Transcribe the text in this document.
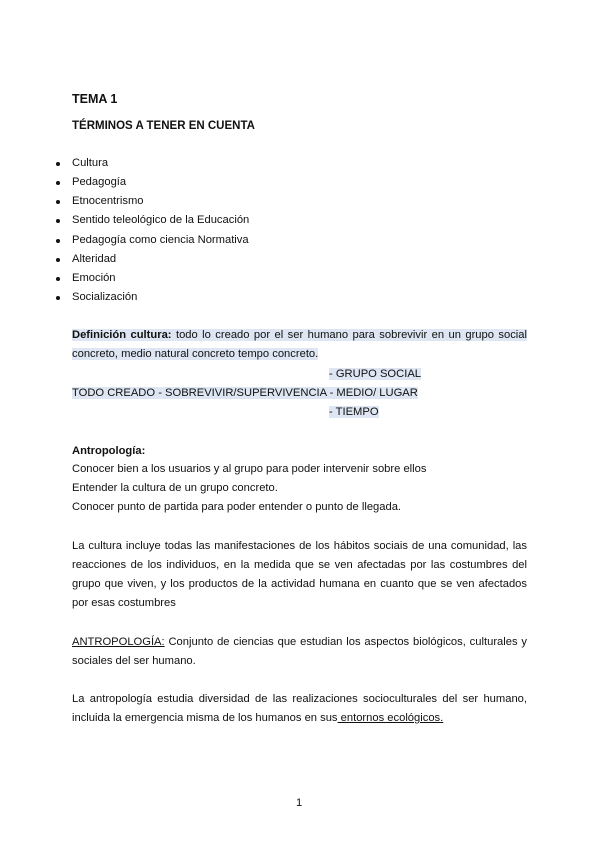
TEMA 1
TÉRMINOS A TENER EN CUENTA
Cultura
Pedagogía
Etnocentrismo
Sentido teleológico de la Educación
Pedagogía como ciencia Normativa
Alteridad
Emoción
Socialización
Definición cultura: todo lo creado por el ser humano para sobrevivir en un grupo social
concreto, medio natural concreto tempo concreto.
- GRUPO SOCIAL
TODO CREADO - SOBREVIVIR/SUPERVIVENCIA - MEDIO/ LUGAR
- TIEMPO
Antropología:
Conocer bien a los usuarios y al grupo para poder intervenir sobre ellos
Entender la cultura de un grupo concreto.
Conocer punto de partida para poder entender o punto de llegada.
La cultura incluye todas las manifestaciones de los hábitos sociais de una comunidad, las
reacciones de los individuos, en la medida que se ven afectadas por las costumbres del
grupo que viven, y los productos de la actividad humana en cuanto que se ven afectados
por esas costumbres
ANTROPOLOGÍA: Conjunto de ciencias que estudian los aspectos biológicos, culturales y
sociales del ser humano.
La antropología estudia diversidad de las realizaciones socioculturales del ser humano,
incluida la emergencia misma de los humanos en sus entornos ecológicos.
1
